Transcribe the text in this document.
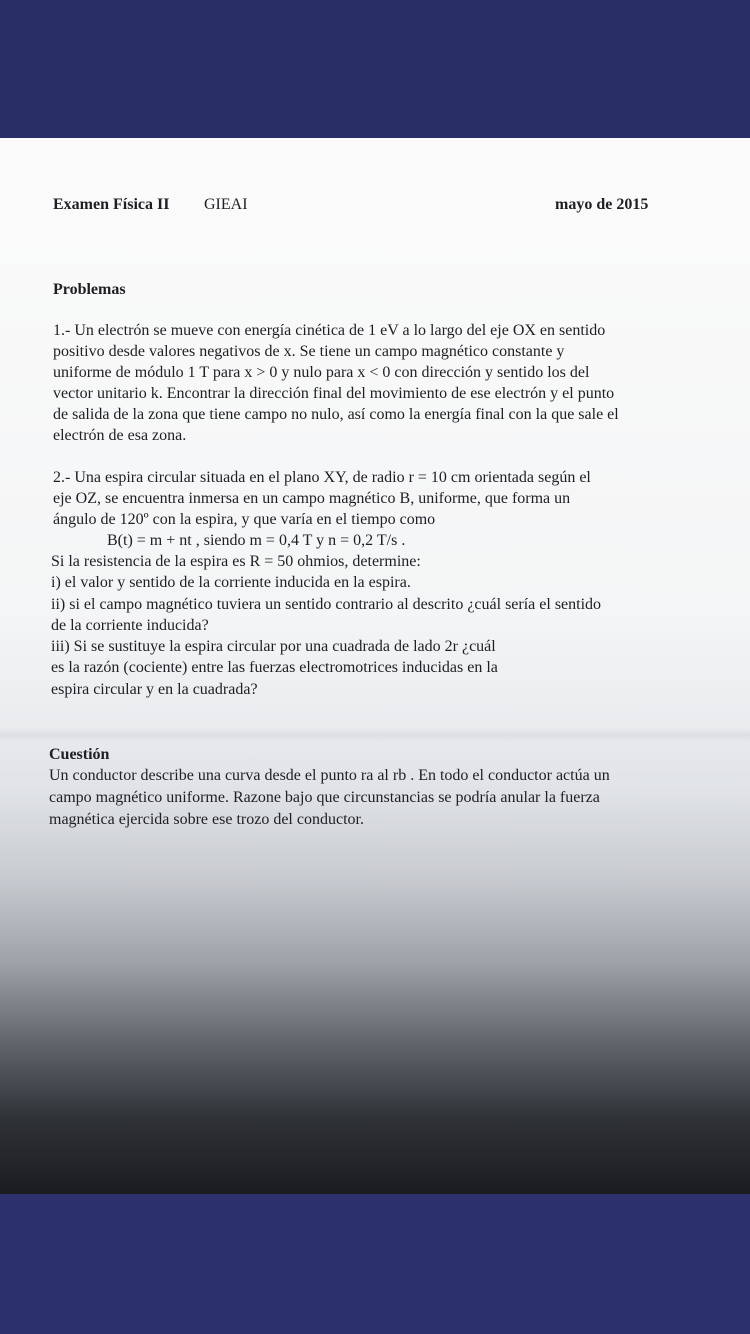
Examen Física II GIEAI	mayo de 2015
Problemas
1.- Un electrón se mueve con energía cinética de 1 eV a lo largo del eje OX en sentido
positivo desde valores negativos de x. Se tiene un campo magnético constante y
uniforme de módulo 1 T para x > 0 y nulo para x < 0 con dirección y sentido los del
vector unitario k. Encontrar la dirección final del movimiento de ese electrón y el punto
de salida de la zona que tiene campo no nulo, así como la energía final con la que sale el
electrón de esa zona.
2.- Una espira circular situada en el plano XY, de radio r = 10 cm orientada según el
eje OZ, se encuentra inmersa en un campo magnético B, uniforme, que forma un
ángulo de 120º con la espira, y que varía en el tiempo como
B(t) = m + nt , siendo m = 0,4 T y n = 0,2 T/s .
Si la resistencia de la espira es R = 50 ohmios, determine:
i) el valor y sentido de la corriente inducida en la espira.
ii) si el campo magnético tuviera un sentido contrario al descrito ¿cuál sería el sentido
de la corriente inducida?
iii) Si se sustituye la espira circular por una cuadrada de lado 2r ¿cuál
es la razón (cociente) entre las fuerzas electromotrices inducidas en la
espira circular y en la cuadrada?
Cuestión
Un conductor describe una curva desde el punto ra al rb . En todo el conductor actúa un
campo magnético uniforme. Razone bajo que circunstancias se podría anular la fuerza
magnética ejercida sobre ese trozo del conductor.
